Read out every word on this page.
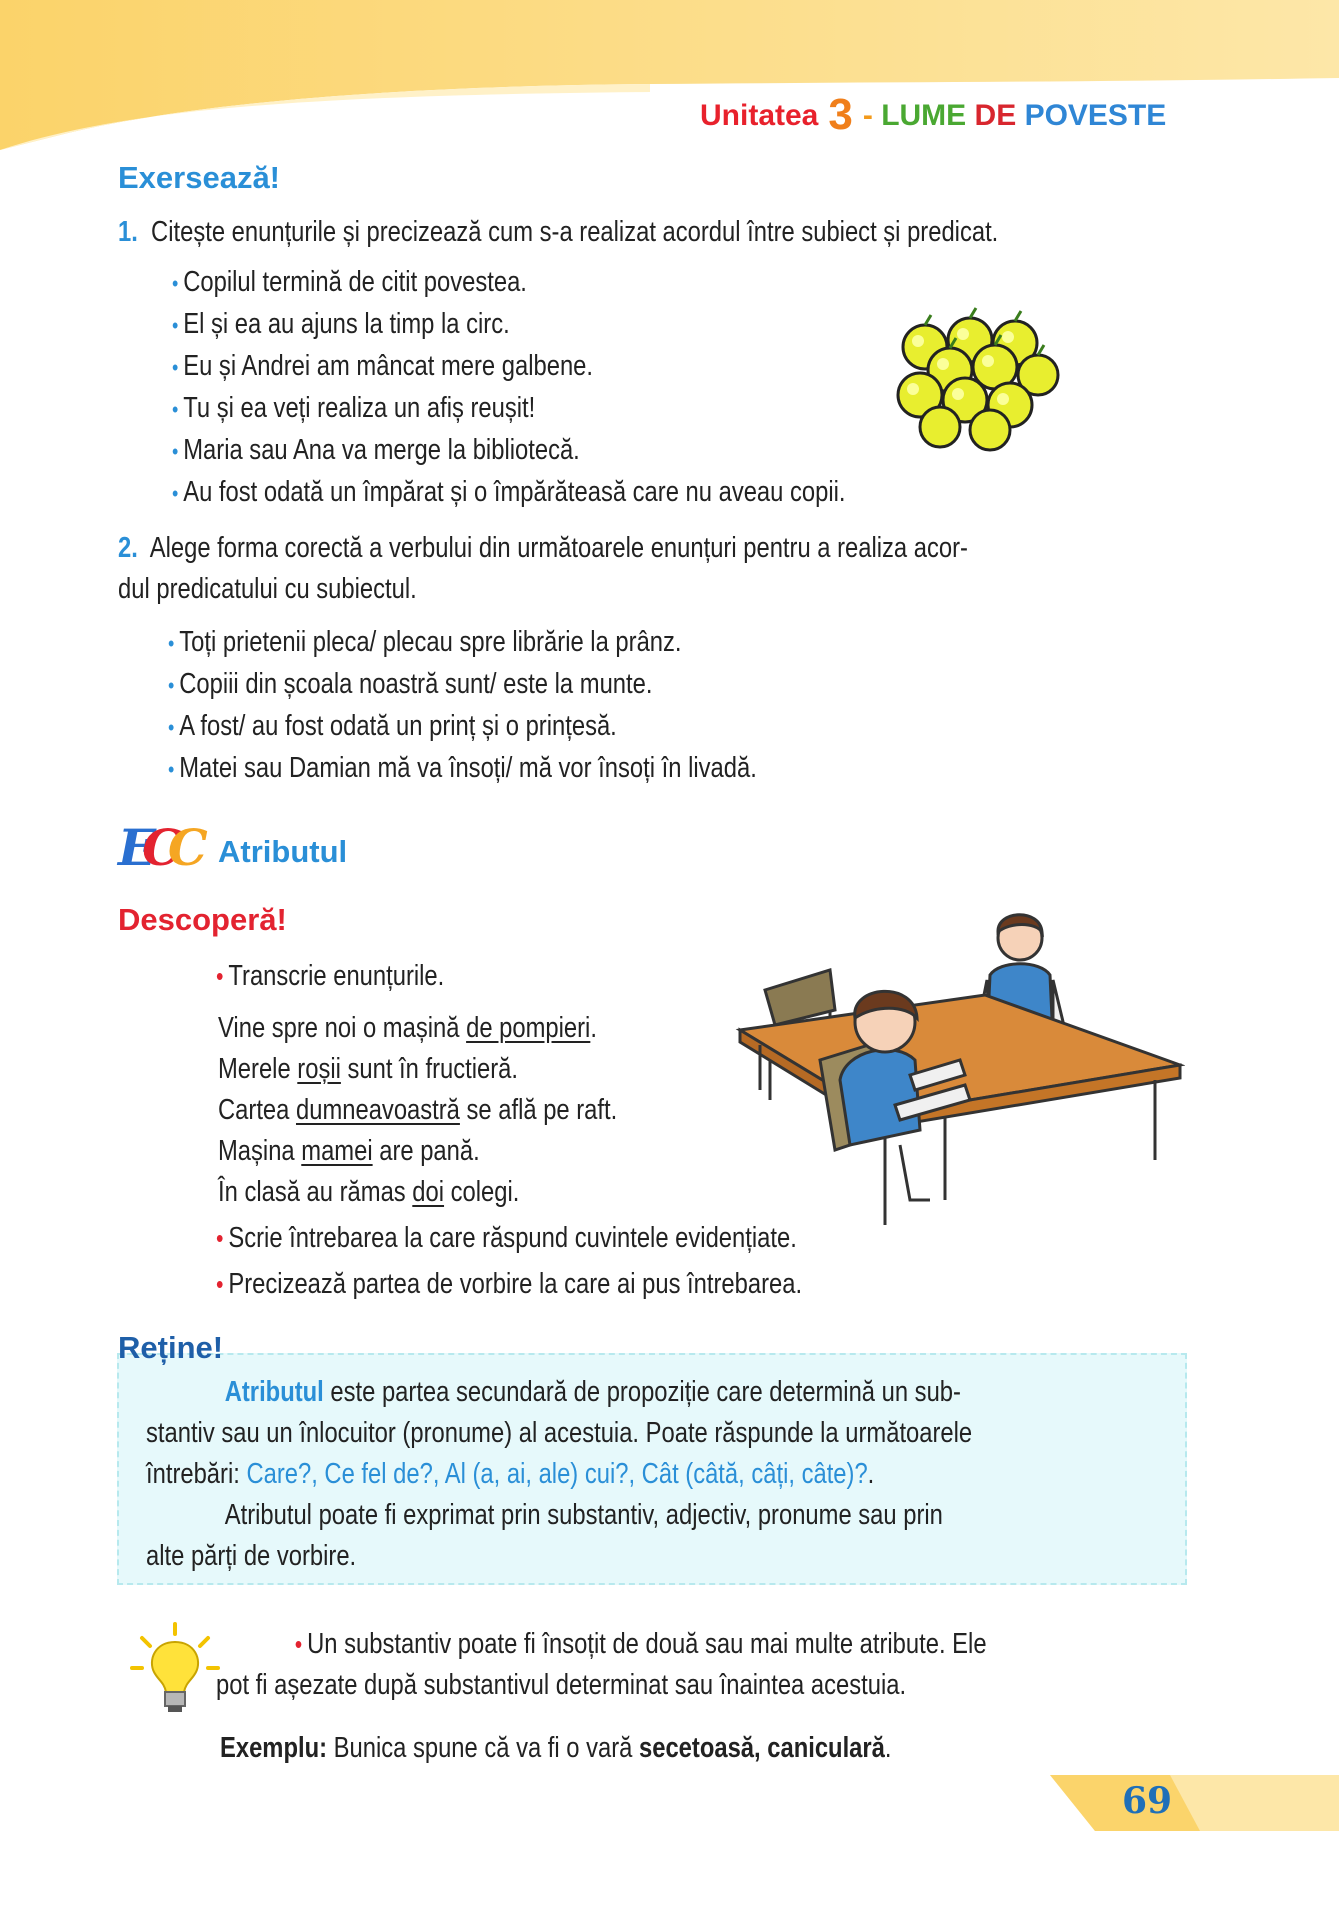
Unitatea 3 - LUME DE POVESTE
Exersează!
1. Citește enunțurile și precizează cum s-a realizat acordul între subiect și predicat.
• Copilul termină de citit povestea.
• El și ea au ajuns la timp la circ.
• Eu și Andrei am mâncat mere galbene.
• Tu și ea veți realiza un afiș reușit!
• Maria sau Ana va merge la bibliotecă.
• Au fost odată un împărat și o împărăteasă care nu aveau copii.
2. Alege forma corectă a verbului din următoarele enunțuri pentru a realiza acor-
dul predicatului cu subiectul.
• Toți prietenii pleca/ plecau spre librărie la prânz.
• Copiii din școala noastră sunt/ este la munte.
• A fost/ au fost odată un prinț și o prințesă.
• Matei sau Damian mă va însoți/ mă vor însoți în livadă.
ECC Atributul
Descoperă!
• Transcrie enunțurile.
Vine spre noi o mașină de pompieri.
Merele roșii sunt în fructieră.
Cartea dumneavoastră se află pe raft.
Mașina mamei are pană.
În clasă au rămas doi colegi.
• Scrie întrebarea la care răspund cuvintele evidențiate.
• Precizează partea de vorbire la care ai pus întrebarea.
Reține!
Atributul este partea secundară de propoziție care determină un sub-
stantiv sau un înlocuitor (pronume) al acestuia. Poate răspunde la următoarele
întrebări: Care?, Ce fel de?, Al (a, ai, ale) cui?, Cât (câtă, câți, câte)?.
Atributul poate fi exprimat prin substantiv, adjectiv, pronume sau prin
alte părți de vorbire.
• Un substantiv poate fi însoțit de două sau mai multe atribute. Ele
pot fi așezate după substantivul determinat sau înaintea acestuia.
Exemplu: Bunica spune că va fi o vară secetoasă, caniculară.
69
